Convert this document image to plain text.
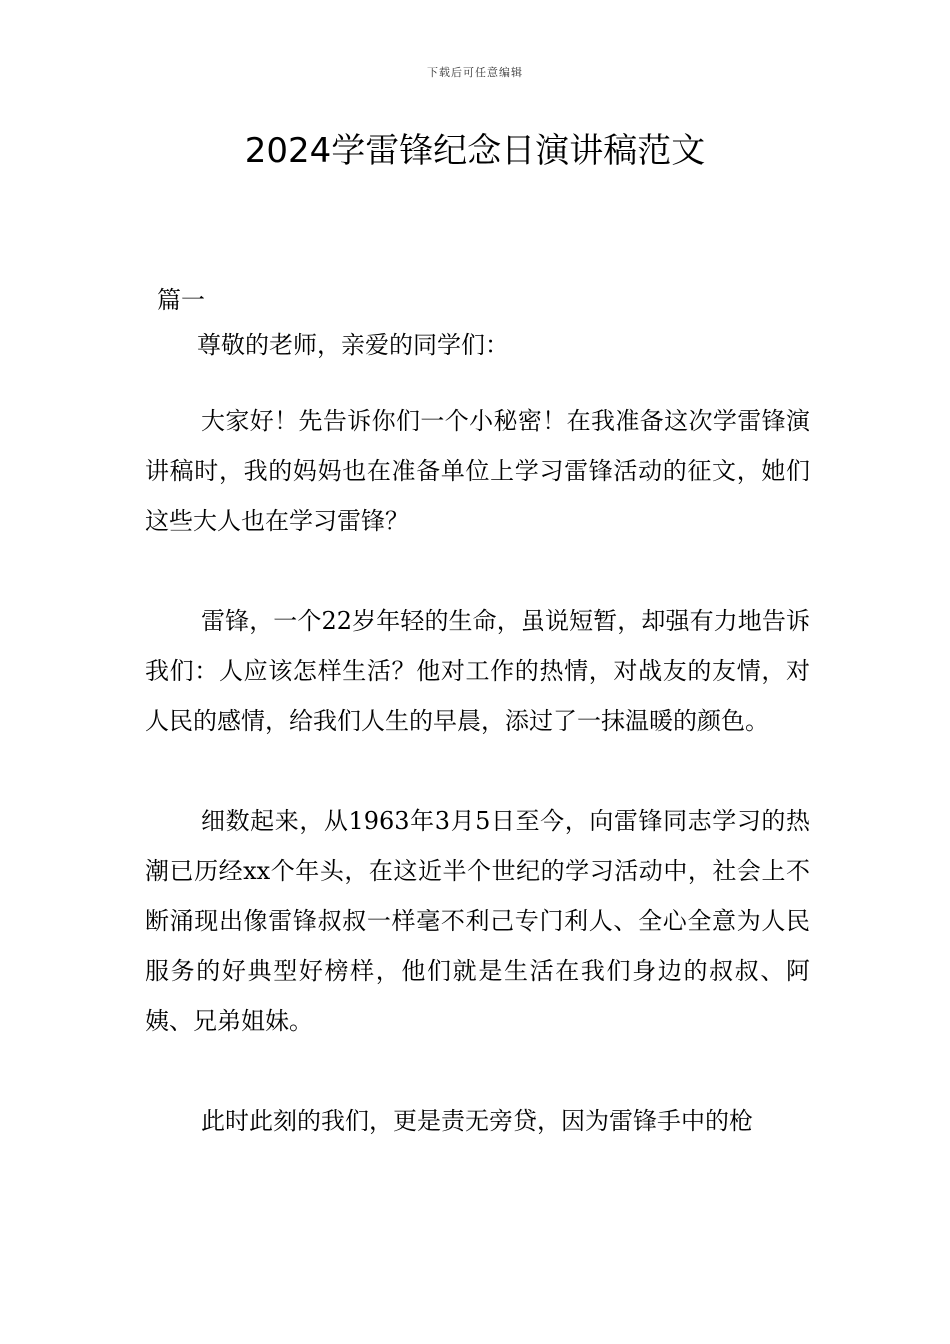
下载后可任意编辑
2024学雷锋纪念日演讲稿范文

篇一

尊敬的老师，亲爱的同学们：

大家好！先告诉你们一个小秘密！在我准备这次学雷锋演讲稿时，我的妈妈也在准备单位上学习雷锋活动的征文，她们这些大人也在学习雷锋？

雷锋，一个22岁年轻的生命，虽说短暂，却强有力地告诉我们：人应该怎样生活？他对工作的热情，对战友的友情，对人民的感情，给我们人生的早晨，添过了一抹温暖的颜色。

细数起来，从1963年3月5日至今，向雷锋同志学习的热潮已历经xx个年头，在这近半个世纪的学习活动中，社会上不断涌现出像雷锋叔叔一样毫不利己专门利人、全心全意为人民服务的好典型好榜样，他们就是生活在我们身边的叔叔、阿姨、兄弟姐妹。

此时此刻的我们，更是责无旁贷，因为雷锋手中的枪
